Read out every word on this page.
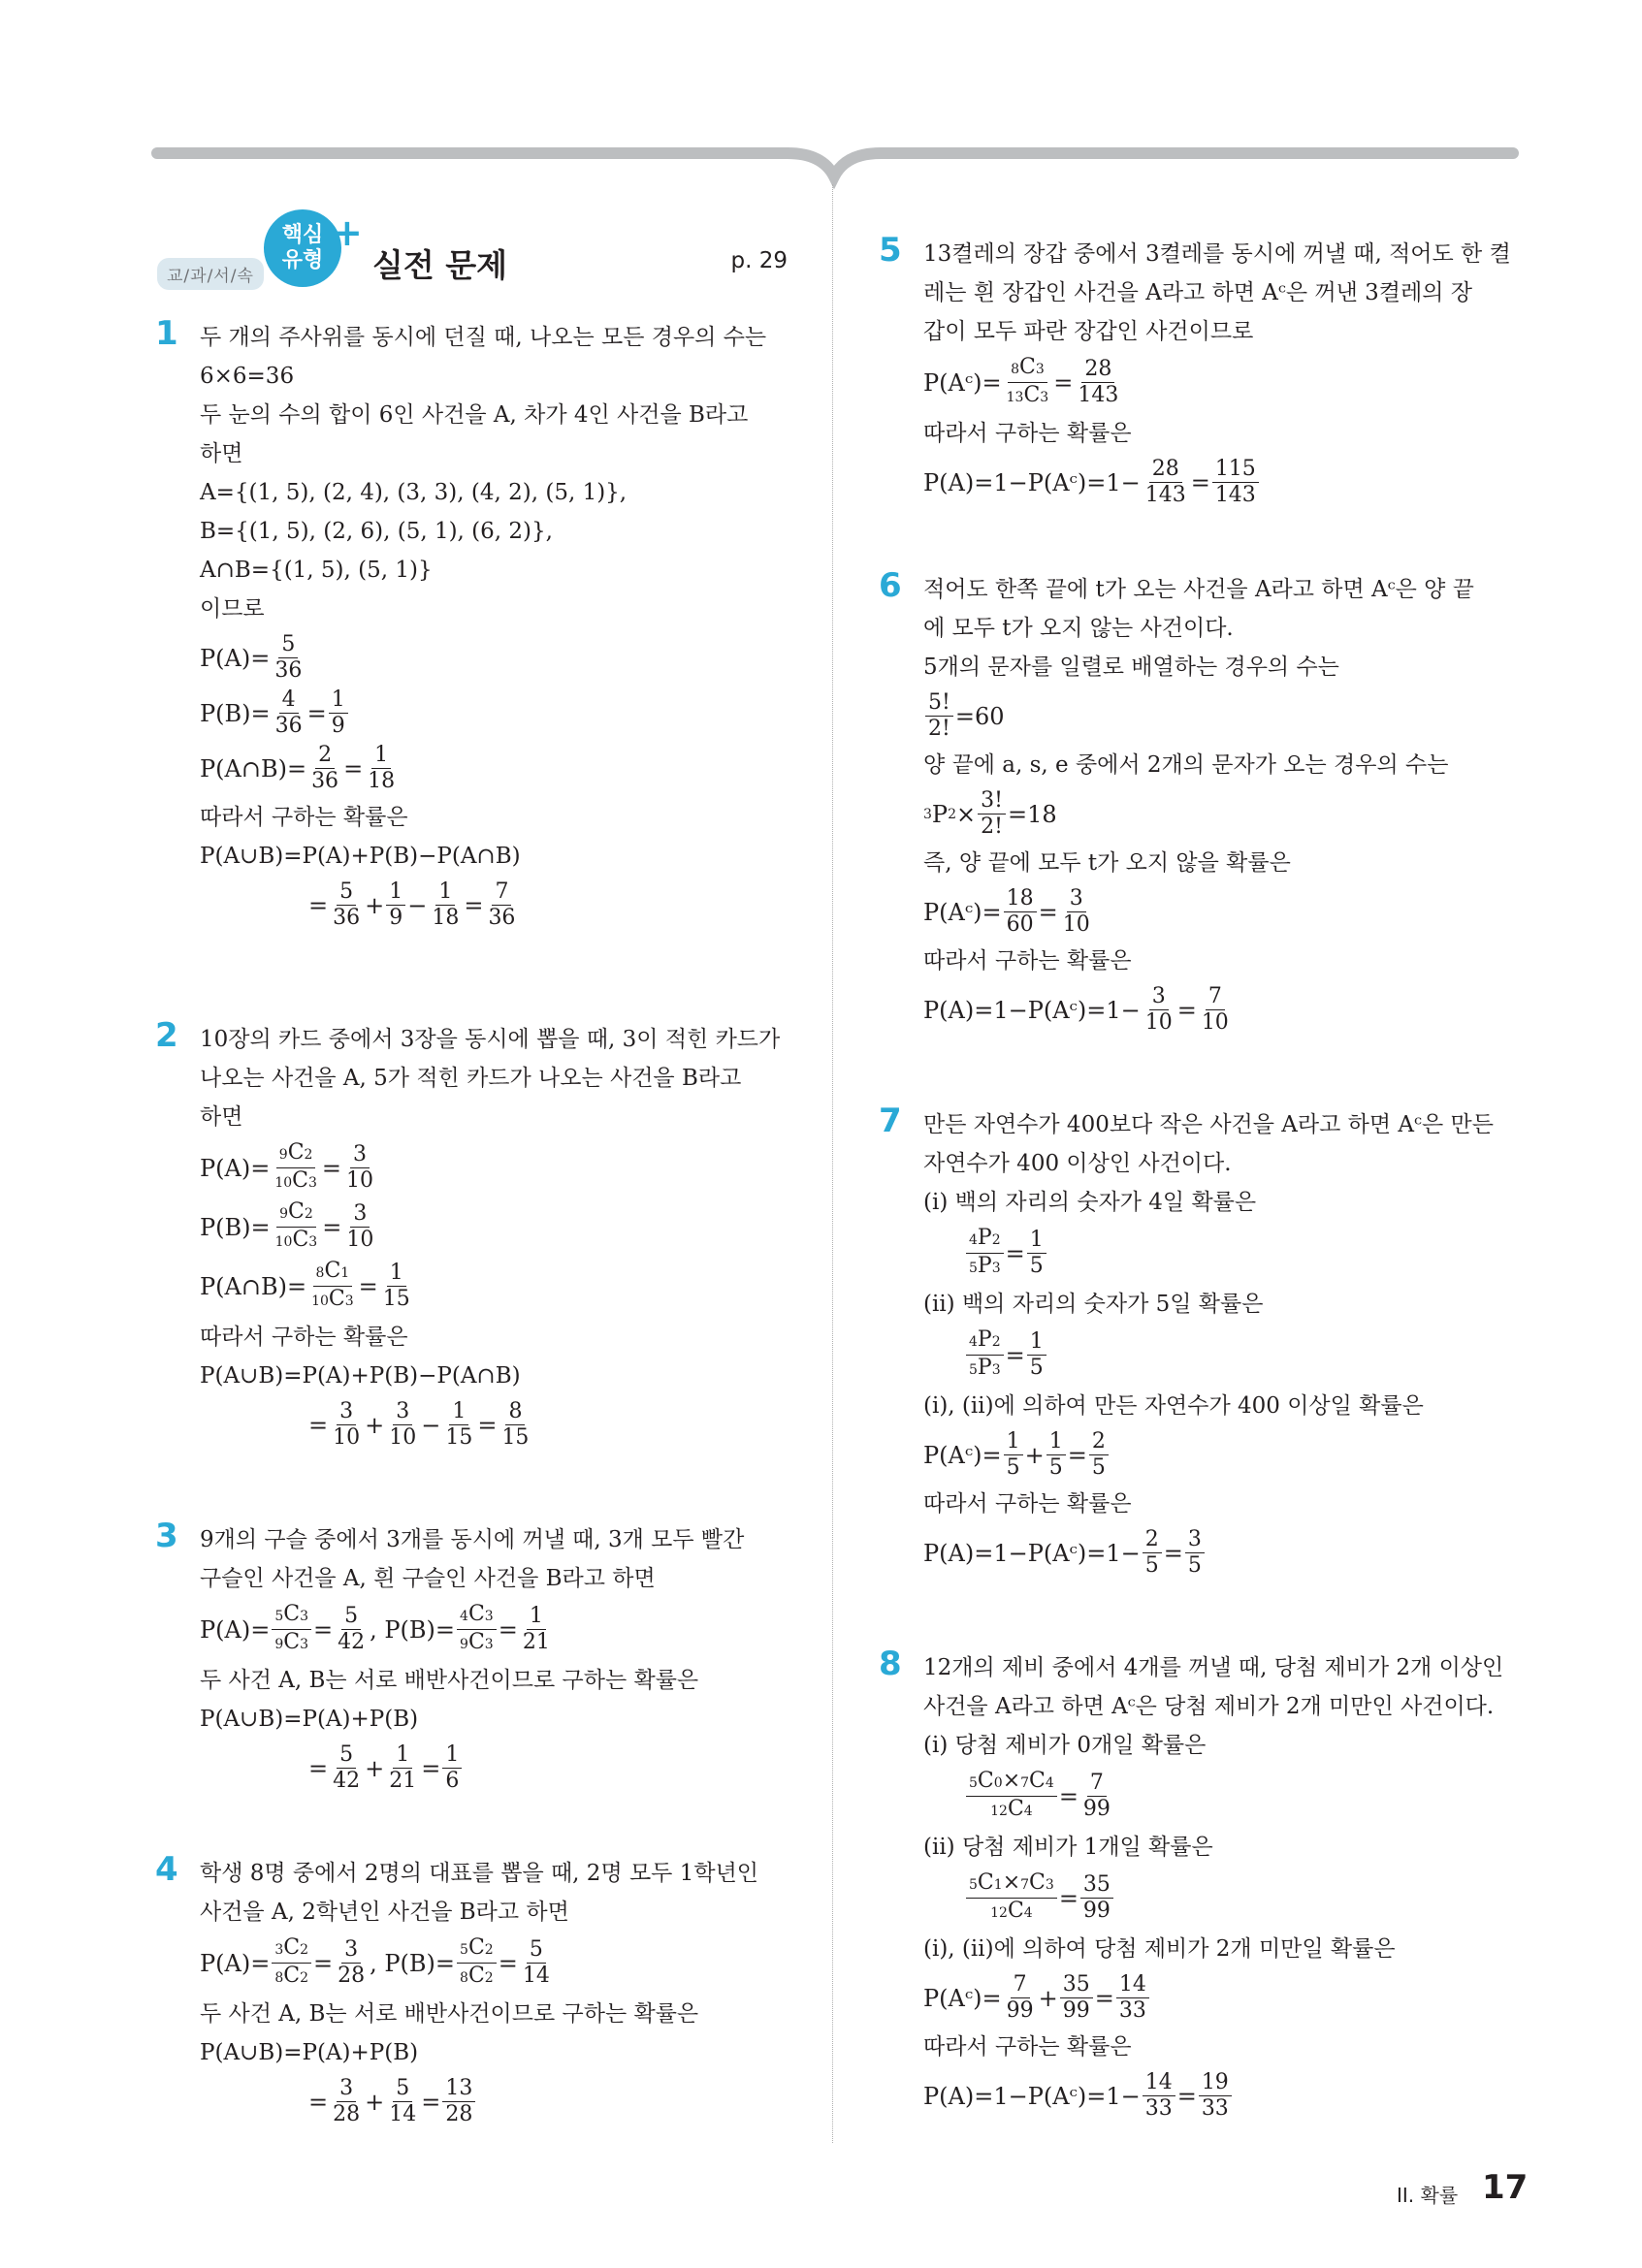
교/과/서/속
핵심
유형
+
실전 문제	p. 29
1 두 개의 주사위를 동시에 던질 때, 나오는 모든 경우의 수는
6×6=36
두 눈의 수의 합이 6인 사건을 A, 차가 4인 사건을 B라고
하면
A={(1, 5), (2, 4), (3, 3), (4, 2), (5, 1)},
B={(1, 5), (2, 6), (5, 1), (6, 2)},
A∩B={(1, 5), (5, 1)}
이므로
$P(A)= \frac{5}{36}$
$P(B)= \frac{4}{36} = \frac{1}{9}$
P(A∩B)= $\frac{2}{36} = \frac{1}{18}$
따라서 구하는 확률은
P(A∪B)=P(A)+P(B)−P(A∩B)
= $\frac{5}{36} + \frac{1}{9} - \frac{1}{18} = \frac{7}{36}$
2 10장의 카드 중에서 3장을 동시에 뽑을 때, 3이 적힌 카드가
나오는 사건을 A, 5가 적힌 카드가 나오는 사건을 B라고
하면
$P(A)= \frac{9C2}{10C3} = \frac{3}{10}$
$P(B)= \frac{9C2}{10C3} = \frac{3}{10}$
P(A∩B)= $\frac{8C1}{10C3} = \frac{1}{15}$
따라서 구하는 확률은
P(A∪B)=P(A)+P(B)−P(A∩B)
= $\frac{3}{10} + \frac{3}{10} - \frac{1}{15} = \frac{8}{15}$
3 9개의 구슬 중에서 3개를 동시에 꺼낼 때, 3개 모두 빨간
구슬인 사건을 A, 흰 구슬인 사건을 B라고 하면
$P(A)= \frac{5C3}{9C3} = \frac{5}{42}$ ,
$P(B)= \frac{4C3}{9C3} = \frac{1}{21}$
두 사건 A, B는 서로 배반사건이므로 구하는 확률은
P(A∪B)=P(A)+P(B)
= $\frac{5}{42} + \frac{1}{21} = \frac{1}{6}$
4 학생 8명 중에서 2명의 대표를 뽑을 때, 2명 모두 1학년인
사건을 A, 2학년인 사건을 B라고 하면
$P(A)= \frac{3C2}{8C2} = \frac{3}{28}$ ,
$P(B)= \frac{5C2}{8C2} = \frac{5}{14}$
두 사건 A, B는 서로 배반사건이므로 구하는 확률은
P(A∪B)=P(A)+P(B)
= $\frac{3}{28} + \frac{5}{14} = \frac{13}{28}$
5 13켤레의 장갑 중에서 3켤레를 동시에 꺼낼 때, 적어도 한 켤
레는 흰 장갑인 사건을 A라고 하면 Aᶜ은 꺼낸 3켤레의 장
갑이 모두 파란 장갑인 사건이므로
P(Aᶜ)= $\frac{8C3}{13C3} = \frac{28}{143}$
따라서 구하는 확률은
P(A)=1−P(Aᶜ)=1− $\frac{28}{143} = \frac{115}{143}$
6 적어도 한쪽 끝에 t가 오는 사건을 A라고 하면 Aᶜ은 양 끝
에 모두 t가 오지 않는 사건이다.
5개의 문자를 일렬로 배열하는 경우의 수는
$\frac{5!}{2!} =60$
양 끝에 a, s, e 중에서 2개의 문자가 오는 경우의 수는
3 P $2 \times \frac{3!}{2!} =18$
즉, 양 끝에 모두 t가 오지 않을 확률은
P(Aᶜ)= $\frac{18}{60} = \frac{3}{10}$
따라서 구하는 확률은
P(A)=1−P(Aᶜ)=1− $\frac{3}{10} = \frac{7}{10}$
7 만든 자연수가 400보다 작은 사건을 A라고 하면 Aᶜ은 만든
자연수가 400 이상인 사건이다.
(ⅰ) 백의 자리의 숫자가 4일 확률은
$\frac{4P2}{5P3} = \frac{1}{5}$
(ⅱ) 백의 자리의 숫자가 5일 확률은
$\frac{4P2}{5P3} = \frac{1}{5}$
(ⅰ), (ⅱ)에 의하여 만든 자연수가 400 이상일 확률은
P(Aᶜ)= $\frac{1}{5} + \frac{1}{5} = \frac{2}{5}$
따라서 구하는 확률은
P(A)=1−P(Aᶜ)=1− $\frac{2}{5} = \frac{3}{5}$
8 12개의 제비 중에서 4개를 꺼낼 때, 당첨 제비가 2개 이상인
사건을 A라고 하면 Aᶜ은 당첨 제비가 2개 미만인 사건이다.
(ⅰ) 당첨 제비가 0개일 확률은
$\frac{5C0\times 7C4}{12C4} = \frac{7}{99}$
(ⅱ) 당첨 제비가 1개일 확률은
$\frac{5C1\times 7C3}{12C4} = \frac{35}{99}$
(ⅰ), (ⅱ)에 의하여 당첨 제비가 2개 미만일 확률은
P(Aᶜ)= $\frac{7}{99} + \frac{35}{99} = \frac{14}{33}$
따라서 구하는 확률은
P(A)=1−P(Aᶜ)=1− $\frac{14}{33} = \frac{19}{33}$
II. 확률 17
